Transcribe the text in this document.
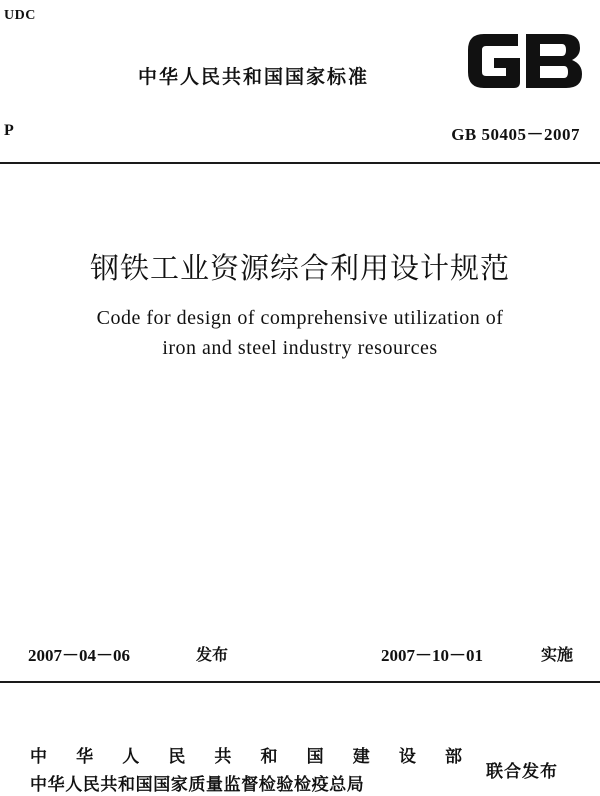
UDC
中华人民共和国国家标准
P	GB 50405－2007
钢铁工业资源综合利用设计规范
Code for design of comprehensive utilization of
iron and steel industry resources
2007－04－06	发布	2007－10－01	实施
中 华 人 民 共 和 国 建 设 部
中华人民共和国国家质量监督检验检疫总局
联合发布
